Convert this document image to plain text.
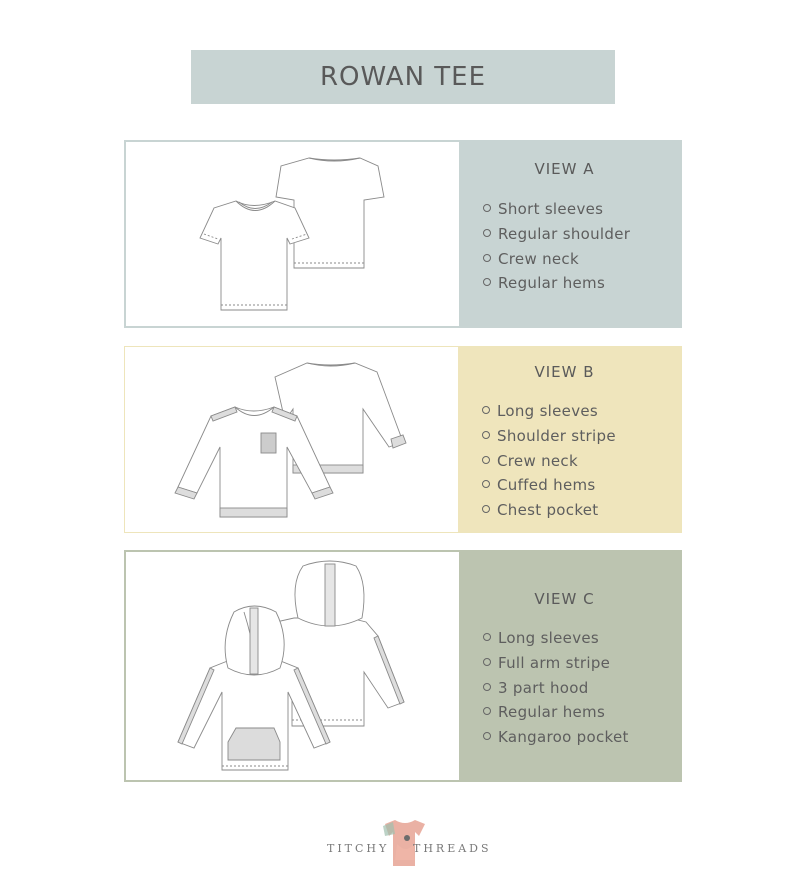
ROWAN TEE
VIEW A
Short sleeves
Regular shoulder
Crew neck
Regular hems
VIEW B
Long sleeves
Shoulder stripe
Crew neck
Cuffed hems
Chest pocket
VIEW C
Long sleeves
Full arm stripe
3 part hood
Regular hems
Kangaroo pocket
TITCHY THREADS
